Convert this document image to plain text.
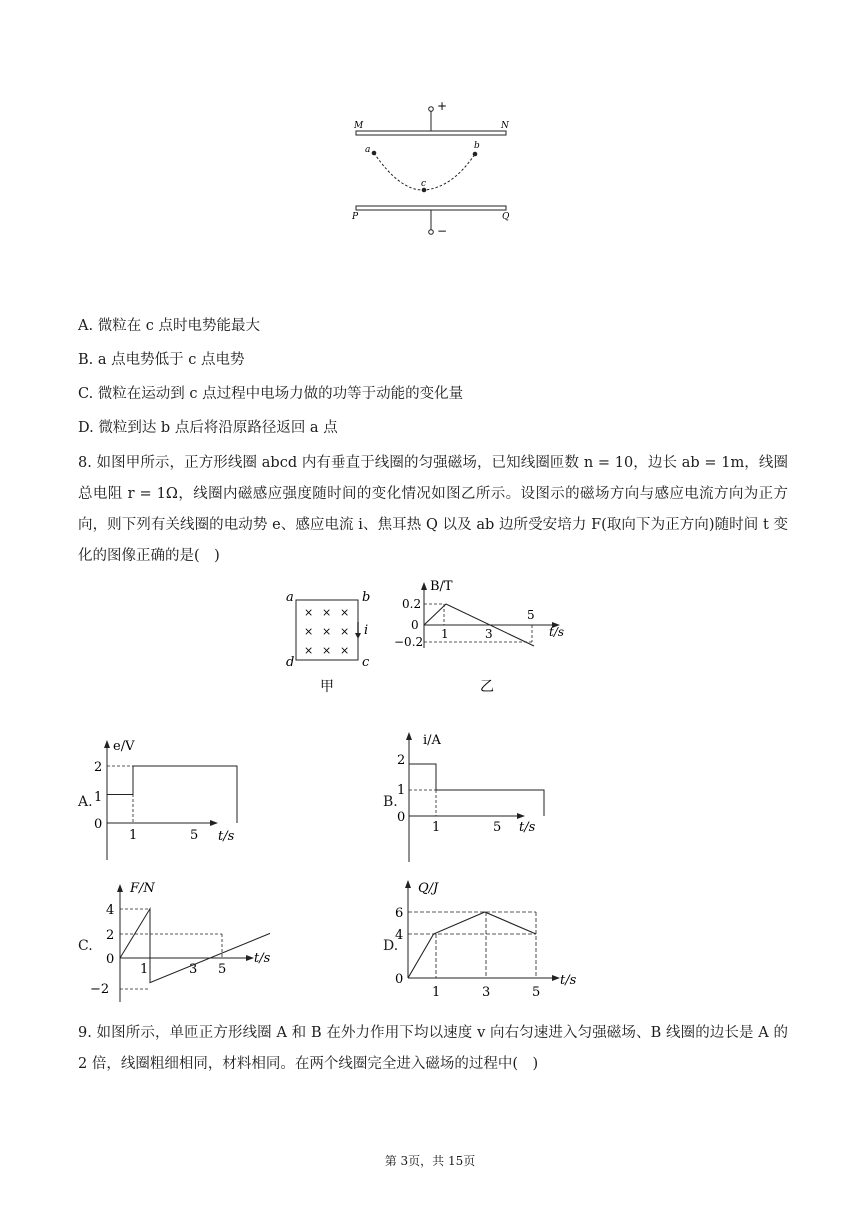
+
M	N
a	b
c
P	Q
−
A. 微粒在 c 点时电势能最大
B. a 点电势低于 c 点电势
C. 微粒在运动到 c 点过程中电场力做的功等于动能的变化量
D. 微粒到达 b 点后将沿原路径返回 a 点
8. 如图甲所示，正方形线圈 abcd 内有垂直于线圈的匀强磁场，已知线圈匝数 n = 10，边长 ab = 1m，线圈总电阻 r = 1Ω，线圈内磁感应强度随时间的变化情况如图乙所示。设图示的磁场方向与感应电流方向为正方向，则下列有关线圈的电动势 e、感应电流 i、焦耳热 Q 以及 ab 边所受安培力 F(取向下为正方向)随时间 t 变化的图像正确的是(　)
a	b
d	c
× × ×
× × ×
× × ×
i
甲
B/T
t/s
0.2
0
−0.2
1	3
5
乙
A.
e/V
t/s
2
1
0
1	5
B.
i/A
t/s
2
1
0
1	5
C.
F/N
t/s
4
2
0
−2
1	3 5
D.
Q/J
t/s
6
4
0
1	3	5
9. 如图所示，单匝正方形线圈 A 和 B 在外力作用下均以速度 v 向右匀速进入匀强磁场、B 线圈的边长是 A 的 2 倍，线圈粗细相同，材料相同。在两个线圈完全进入磁场的过程中(　)
第 3页，共 15页
